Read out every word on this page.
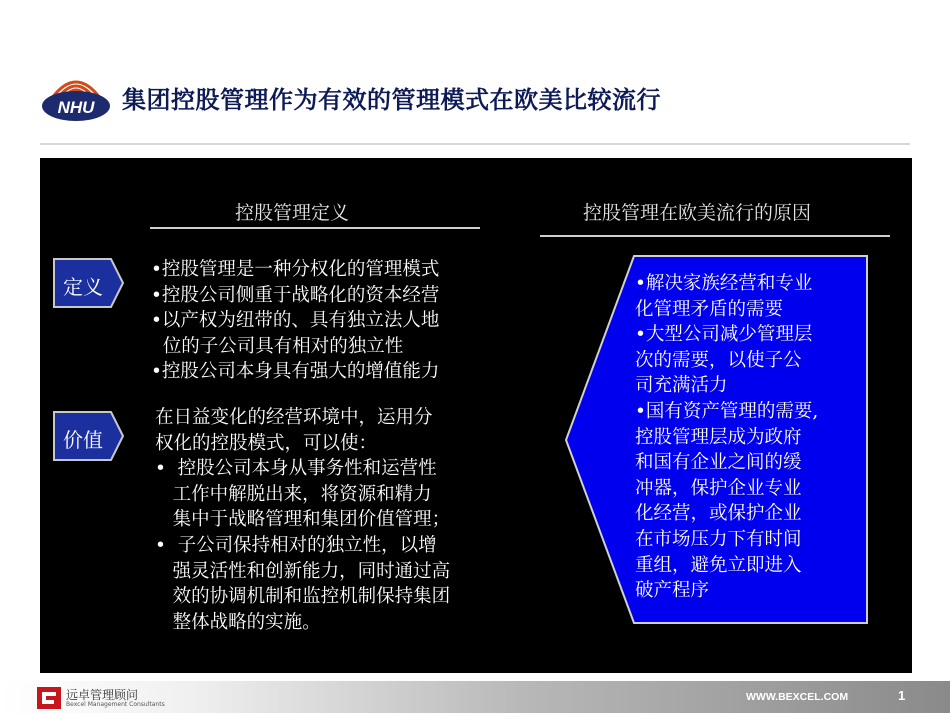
NHU 集团控股管理作为有效的管理模式在欧美比较流行
控股管理定义	控股管理在欧美流行的原因
定义
价值
•控股管理是一种分权化的管理模式
•控股公司侧重于战略化的资本经营
•以产权为纽带的、具有独立法人地
位的子公司具有相对的独立性
•控股公司本身具有强大的增值能力
在日益变化的经营环境中，运用分
权化的控股模式，可以使：
•  控股公司本身从事务性和运营性
工作中解脱出来，将资源和精力
集中于战略管理和集团价值管理；
•  子公司保持相对的独立性，以增
强灵活性和创新能力，同时通过高
效的协调机制和监控机制保持集团
整体战略的实施。
•解决家族经营和专业
化管理矛盾的需要
•大型公司减少管理层
次的需要，以使子公
司充满活力
•国有资产管理的需要,
控股管理层成为政府
和国有企业之间的缓
冲器，保护企业专业
化经营，或保护企业
在市场压力下有时间
重组，避免立即进入
破产程序
远卓管理顾问
Bexcel Management Consultants
WWW.BEXCEL.COM	1
